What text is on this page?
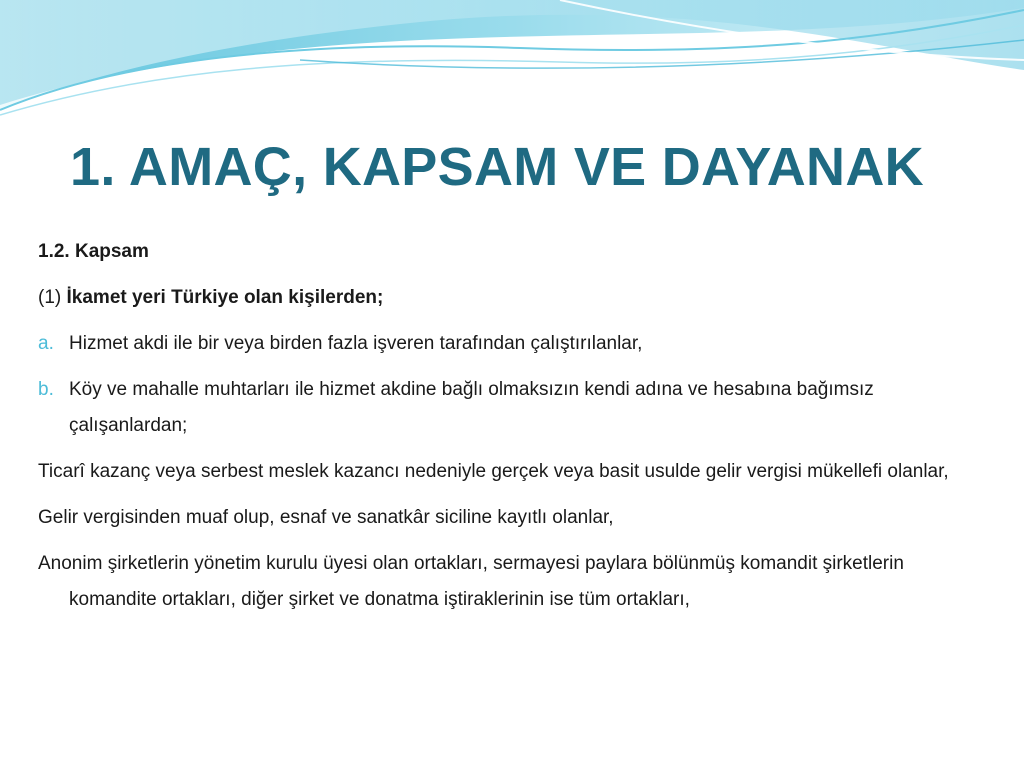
1. AMAÇ, KAPSAM VE DAYANAK

1.2. Kapsam

(1) İkamet yeri Türkiye olan kişilerden;

a. Hizmet akdi ile bir veya birden fazla işveren tarafından çalıştırılanlar,

b. Köy ve mahalle muhtarları ile hizmet akdine bağlı olmaksızın kendi adına ve hesabına bağımsız çalışanlardan;

Ticarî kazanç veya serbest meslek kazancı nedeniyle gerçek veya basit usulde gelir vergisi mükellefi olanlar,

Gelir vergisinden muaf olup, esnaf ve sanatkâr siciline kayıtlı olanlar,

Anonim şirketlerin yönetim kurulu üyesi olan ortakları, sermayesi paylara bölünmüş komandit şirketlerin komandite ortakları, diğer şirket ve donatma iştiraklerinin ise tüm ortakları,
